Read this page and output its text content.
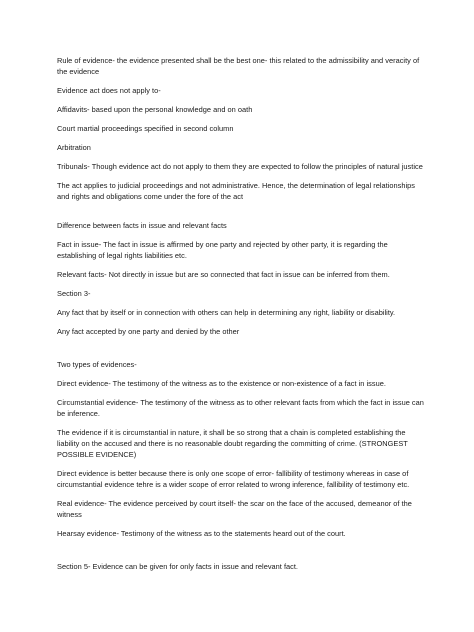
Rule of evidence- the evidence presented shall be the best one- this related to the admissibility and veracity of the evidence

Evidence act does not apply to-

Affidavits- based upon the personal knowledge and on oath

Court martial proceedings specified in second column

Arbitration

Tribunals- Though evidence act do not apply to them they are expected to follow the principles of natural justice

The act applies to judicial proceedings and not administrative. Hence, the determination of legal relationships and rights and obligations come under the fore of the act

Difference between facts in issue and relevant facts

Fact in issue- The fact in issue is affirmed by one party and rejected by other party, it is regarding the establishing of legal rights liabilities etc.

Relevant facts- Not directly in issue but are so connected that fact in issue can be inferred from them.

Section 3-

Any fact that by itself or in connection with others can help in determining any right, liability or disability.

Any fact accepted by one party and denied by the other

Two types of evidences-

Direct evidence- The testimony of the witness as to the existence or non-existence of a fact in issue.

Circumstantial evidence- The testimony of the witness as to other relevant facts from which the fact in issue can be inference.

The evidence if it is circumstantial in nature, it shall be so strong that a chain is completed establishing the liability on the accused and there is no reasonable doubt regarding the committing of crime. (STRONGEST POSSIBLE EVIDENCE)

Direct evidence is better because there is only one scope of error- fallibility of testimony whereas in case of circumstantial evidence tehre is a wider scope of error related to wrong inference, fallibility of testimony etc.

Real evidence- The evidence perceived by court itself- the scar on the face of the accused, demeanor of the witness

Hearsay evidence- Testimony of the witness as to the statements heard out of the court.

Section 5- Evidence can be given for only facts in issue and relevant fact.
